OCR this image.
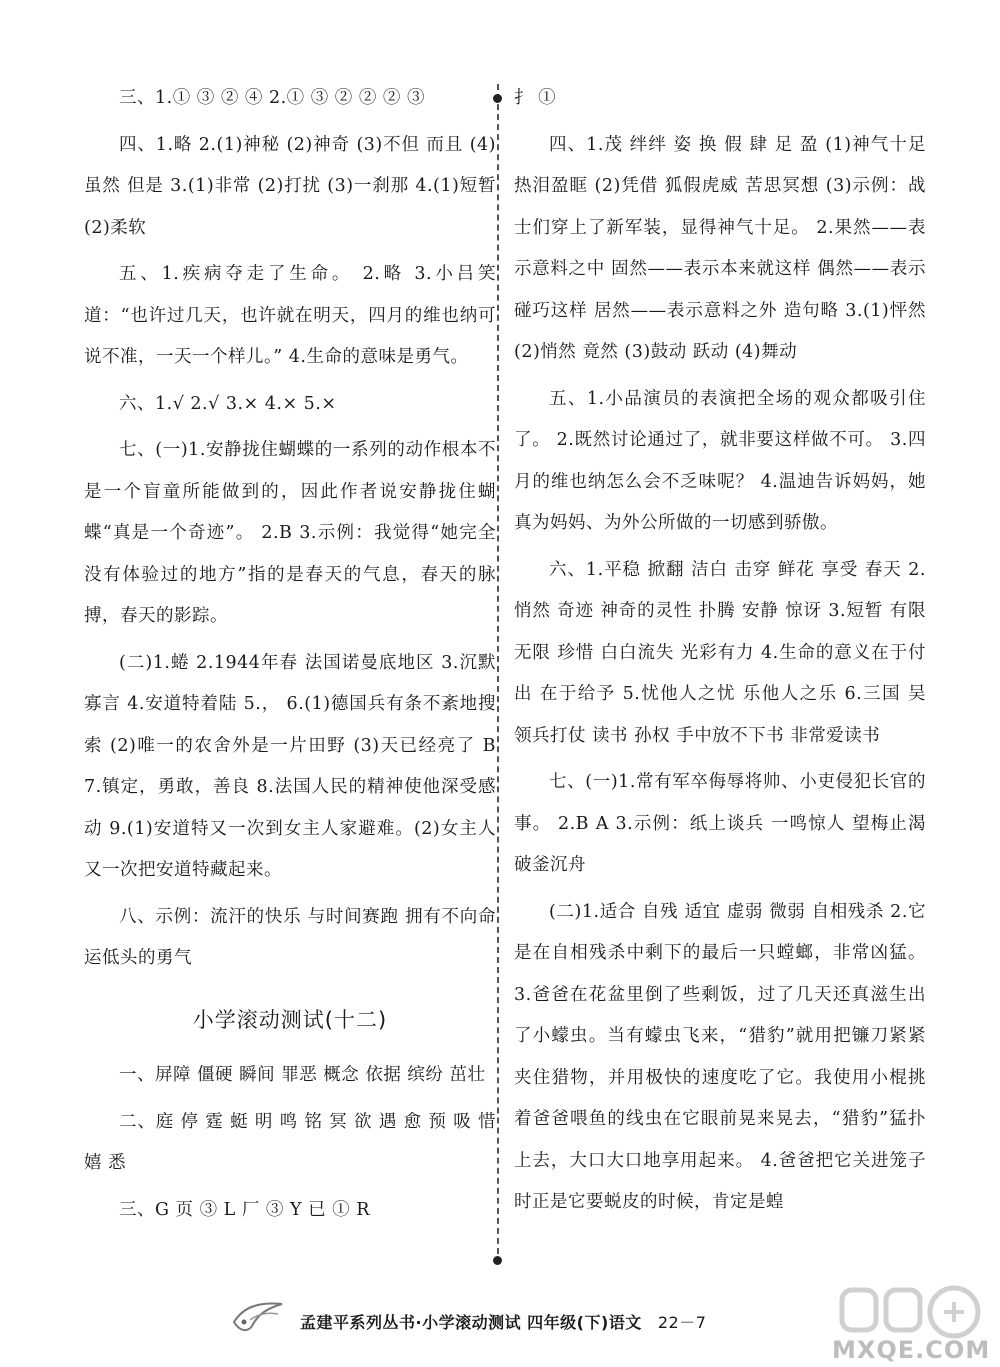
三、1.① ③ ② ④ 2.① ③ ② ② ② ③

四、1.略 2.(1)神秘 (2)神奇 (3)不但 而且 (4)虽然 但是 3.(1)非常 (2)打扰 (3)一刹那 4.(1)短暂 (2)柔软

五、1.疾病夺走了生命。 2.略 3.小吕笑道：“也许过几天，也许就在明天，四月的维也纳可说不准，一天一个样儿。” 4.生命的意味是勇气。

六、1.√ 2.√ 3.× 4.× 5.×

七、(一)1.安静拢住蝴蝶的一系列的动作根本不是一个盲童所能做到的，因此作者说安静拢住蝴蝶“真是一个奇迹”。 2.B 3.示例：我觉得“她完全没有体验过的地方”指的是春天的气息，春天的脉搏，春天的影踪。

(二)1.蜷 2.1944年春 法国诺曼底地区 3.沉默寡言 4.安道特着陆 5.， 6.(1)德国兵有条不紊地搜索 (2)唯一的农舍外是一片田野 (3)天已经亮了 B 7.镇定，勇敢，善良 8.法国人民的精神使他深受感动 9.(1)安道特又一次到女主人家避难。(2)女主人又一次把安道特藏起来。

八、示例：流汗的快乐 与时间赛跑 拥有不向命运低头的勇气

小学滚动测试(十二)

一、屏障 僵硬 瞬间 罪恶 概念 依据 缤纷 茁壮

二、庭 停 霆 蜓 明 鸣 铭 冥 欲 遇 愈 预 吸 惜 嬉 悉

三、G 页 ③ L 厂 ③ Y 已 ① R

扌 ①

四、1.茂 绊绊 姿 换 假 肆 足 盈 (1)神气十足 热泪盈眶 (2)凭借 狐假虎威 苦思冥想 (3)示例：战士们穿上了新军装，显得神气十足。 2.果然——表示意料之中 固然——表示本来就这样 偶然——表示碰巧这样 居然——表示意料之外 造句略 3.(1)怦然 (2)悄然 竟然 (3)鼓动 跃动 (4)舞动

五、1.小品演员的表演把全场的观众都吸引住了。 2.既然讨论通过了，就非要这样做不可。 3.四月的维也纳怎么会不乏味呢？ 4.温迪告诉妈妈，她真为妈妈、为外公所做的一切感到骄傲。

六、1.平稳 掀翻 洁白 击穿 鲜花 享受 春天 2.悄然 奇迹 神奇的灵性 扑腾 安静 惊讶 3.短暂 有限 无限 珍惜 白白流失 光彩有力 4.生命的意义在于付出 在于给予 5.忧他人之忧 乐他人之乐 6.三国 吴 领兵打仗 读书 孙权 手中放不下书 非常爱读书

七、(一)1.常有军卒侮辱将帅、小吏侵犯长官的事。 2.B A 3.示例：纸上谈兵 一鸣惊人 望梅止渴 破釜沉舟

(二)1.适合 自残 适宜 虚弱 微弱 自相残杀 2.它是在自相残杀中剩下的最后一只螳螂，非常凶猛。 3.爸爸在花盆里倒了些剩饭，过了几天还真滋生出了小蠓虫。当有蠓虫飞来，“猎豹”就用把镰刀紧紧夹住猎物，并用极快的速度吃了它。我使用小棍挑着爸爸喂鱼的线虫在它眼前晃来晃去，“猎豹”猛扑上去，大口大口地享用起来。 4.爸爸把它关进笼子时正是它要蜕皮的时候，肯定是蝗

孟建平系列丛书·小学滚动测试 四年级(下)语文 22－7
MXQE.COM
